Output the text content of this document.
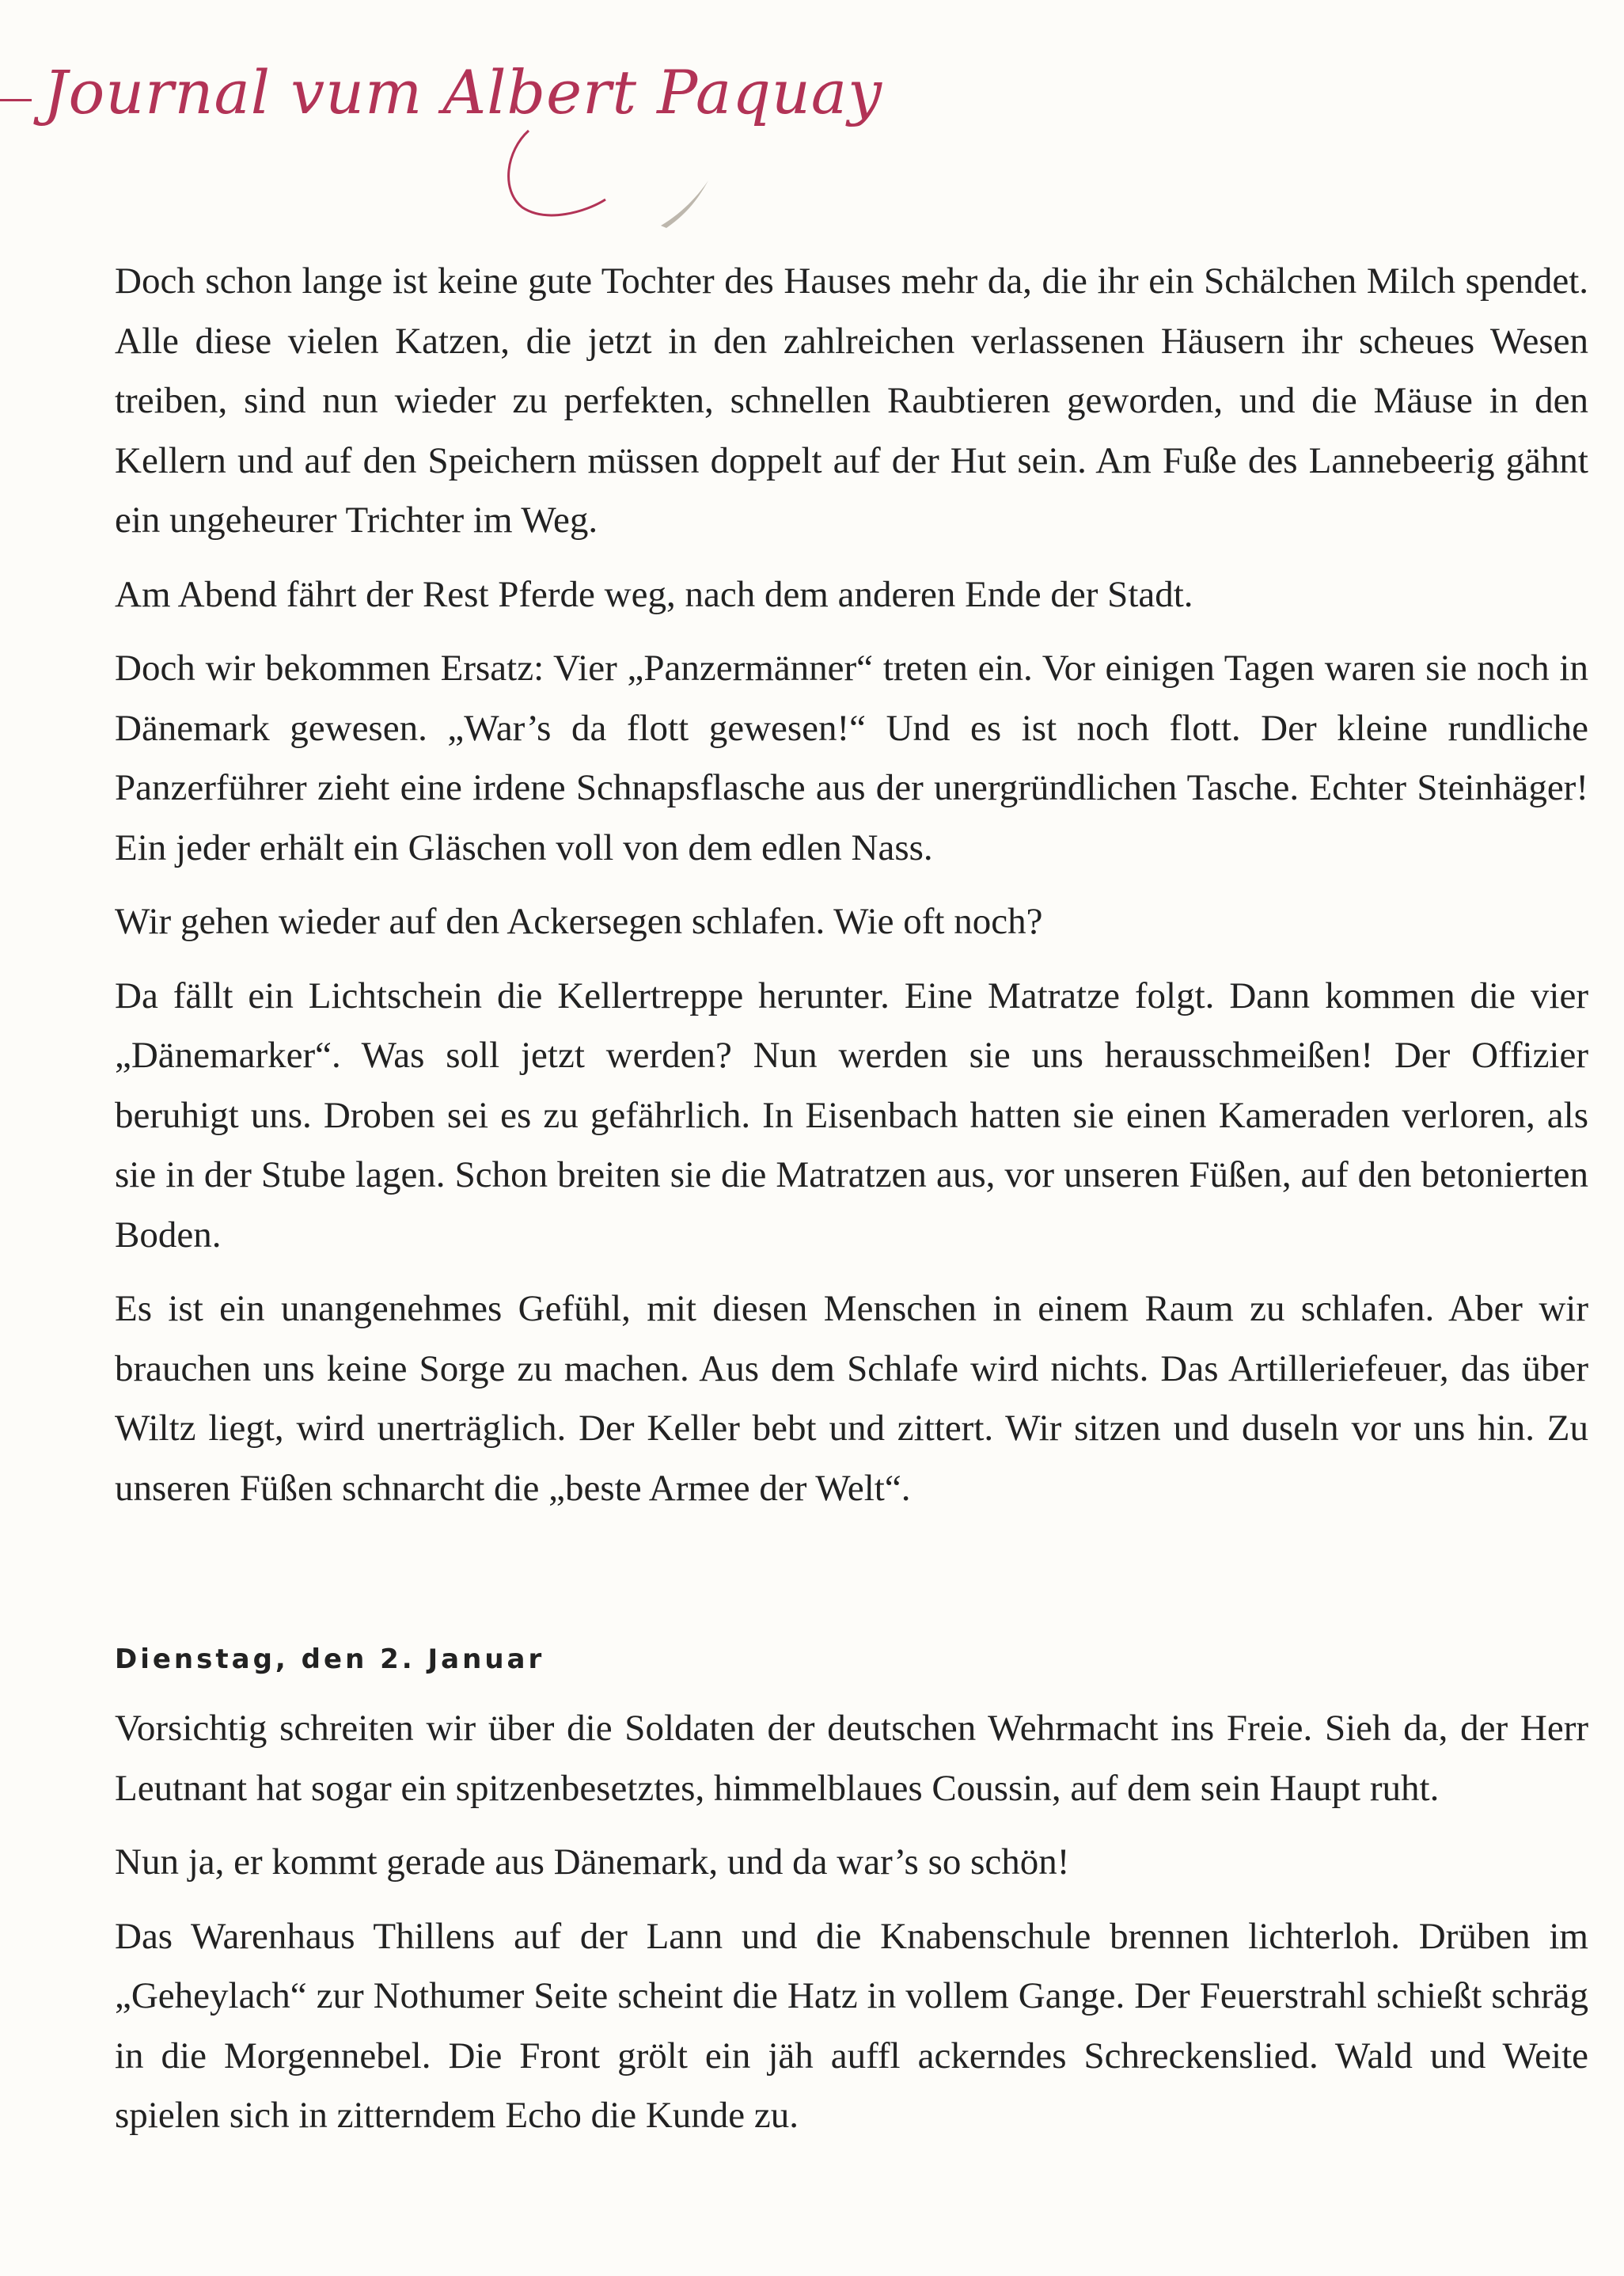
Journal vum Albert Paquay

Doch schon lange ist keine gute Tochter des Hauses mehr da, die ihr ein Schälchen Milch spendet. Alle diese vielen Katzen, die jetzt in den zahlreichen verlassenen Häusern ihr scheues Wesen treiben, sind nun wieder zu perfekten, schnellen Raubtieren geworden, und die Mäuse in den Kellern und auf den Speichern müssen doppelt auf der Hut sein. Am Fuße des Lannebeerig gähnt ein ungeheurer Trichter im Weg.

Am Abend fährt der Rest Pferde weg, nach dem anderen Ende der Stadt.

Doch wir bekommen Ersatz: Vier „Panzermänner“ treten ein. Vor einigen Tagen waren sie noch in Dänemark gewesen. „War’s da flott gewesen!“ Und es ist noch flott. Der kleine rundliche Panzerführer zieht eine irdene Schnapsflasche aus der unergründlichen Tasche. Echter Steinhäger! Ein jeder erhält ein Gläschen voll von dem edlen Nass.

Wir gehen wieder auf den Ackersegen schlafen. Wie oft noch?

Da fällt ein Lichtschein die Kellertreppe herunter. Eine Matratze folgt. Dann kommen die vier „Dänemarker“. Was soll jetzt werden? Nun werden sie uns herausschmeißen! Der Offizier beruhigt uns. Droben sei es zu gefährlich. In Eisenbach hatten sie einen Kameraden verloren, als sie in der Stube lagen. Schon breiten sie die Matratzen aus, vor unseren Füßen, auf den betonierten Boden.

Es ist ein unangenehmes Gefühl, mit diesen Menschen in einem Raum zu schlafen. Aber wir brauchen uns keine Sorge zu machen. Aus dem Schlafe wird nichts. Das Artilleriefeuer, das über Wiltz liegt, wird unerträglich. Der Keller bebt und zittert. Wir sitzen und duseln vor uns hin. Zu unseren Füßen schnarcht die „beste Armee der Welt“.

Dienstag, den 2. Januar

Vorsichtig schreiten wir über die Soldaten der deutschen Wehrmacht ins Freie. Sieh da, der Herr Leutnant hat sogar ein spitzenbesetztes, himmelblaues Coussin, auf dem sein Haupt ruht.

Nun ja, er kommt gerade aus Dänemark, und da war’s so schön!

Das Warenhaus Thillens auf der Lann und die Knabenschule brennen lichterloh. Drüben im „Geheylach“ zur Nothumer Seite scheint die Hatz in vollem Gange. Der Feuerstrahl schießt schräg in die Morgennebel. Die Front grölt ein jäh auffl ackerndes Schreckenslied. Wald und Weite spielen sich in zitterndem Echo die Kunde zu.
